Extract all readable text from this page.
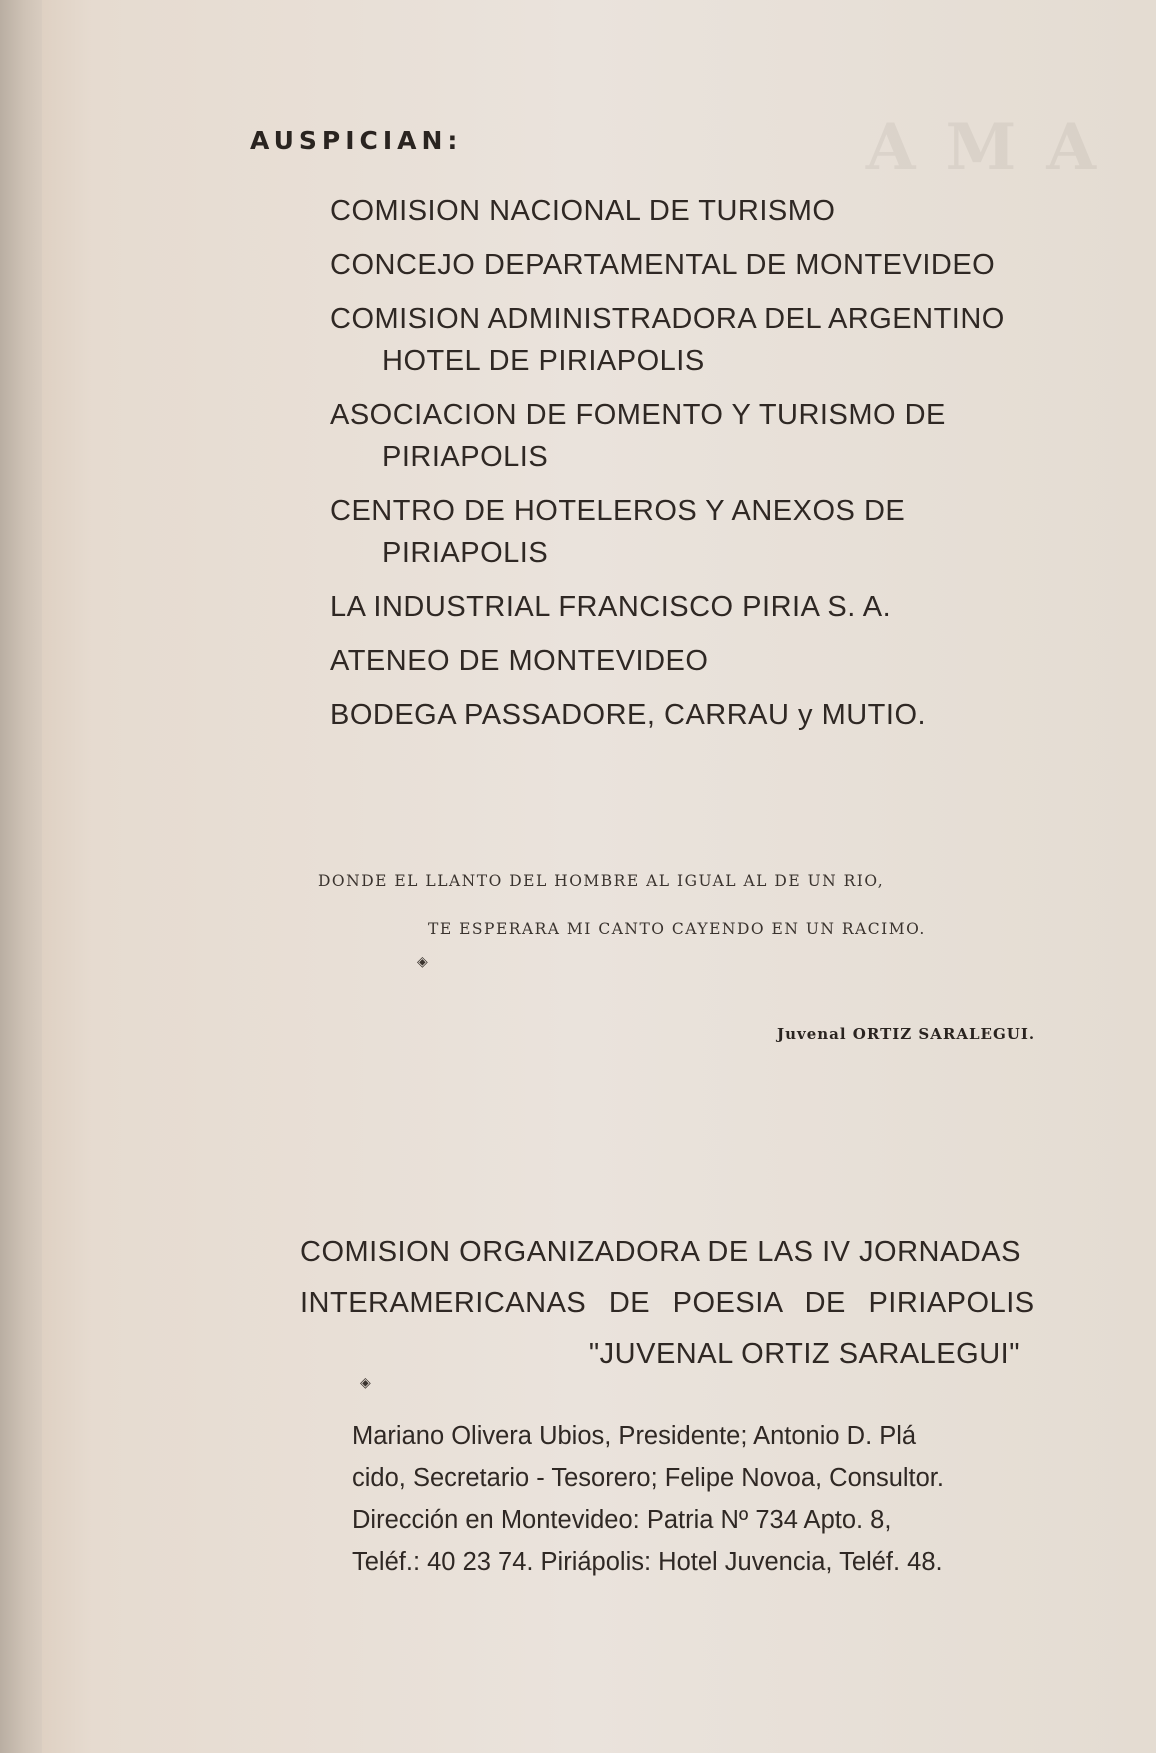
AMA
AUSPICIAN:
COMISION NACIONAL DE TURISMO
CONCEJO DEPARTAMENTAL DE MONTEVIDEO
COMISION ADMINISTRADORA DEL ARGENTINO
HOTEL DE PIRIAPOLIS
ASOCIACION DE FOMENTO Y TURISMO DE
PIRIAPOLIS
CENTRO DE HOTELEROS Y ANEXOS DE
PIRIAPOLIS
LA INDUSTRIAL FRANCISCO PIRIA S. A.
ATENEO DE MONTEVIDEO
BODEGA PASSADORE, CARRAU y MUTIO.
DONDE EL LLANTO DEL HOMBRE AL IGUAL AL DE UN RIO,
TE ESPERARA MI CANTO CAYENDO EN UN RACIMO.
◈
Juvenal ORTIZ SARALEGUI.
COMISION ORGANIZADORA DE LAS IV JORNADAS
INTERAMERICANAS DE POESIA DE PIRIAPOLIS
"JUVENAL ORTIZ SARALEGUI"
◈
Mariano Olivera Ubios, Presidente; Antonio D. Plá
cido, Secretario - Tesorero; Felipe Novoa, Consultor.
Dirección en Montevideo: Patria Nº 734 Apto. 8,
Teléf.: 40 23 74. Piriápolis: Hotel Juvencia, Teléf. 48.
